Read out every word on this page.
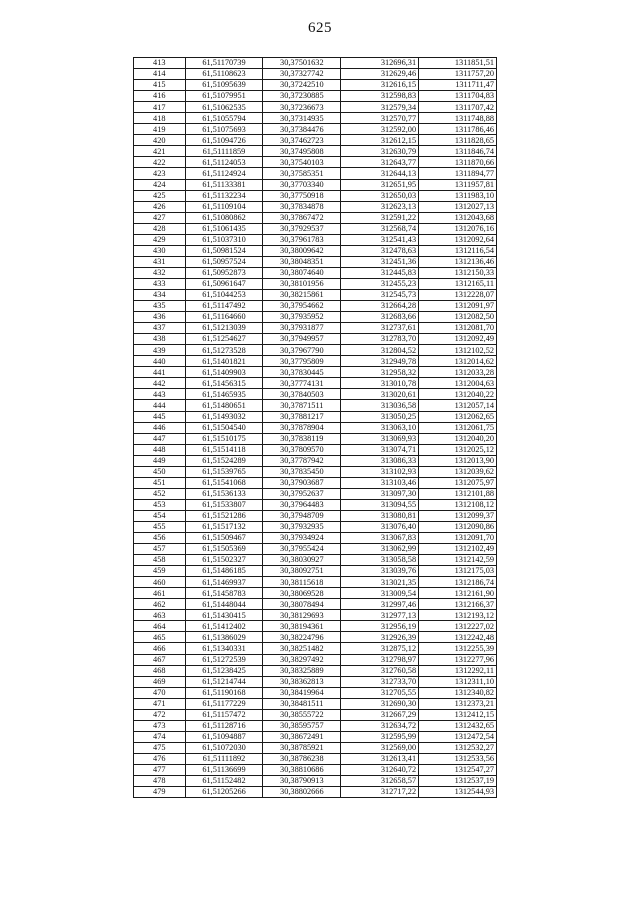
625
413	61,51170739	30,37501632	312696,31	1311851,51
414	61,51108623	30,37327742	312629,46	1311757,20
415	61,51095639	30,37242510	312616,15	1311711,47
416	61,51079951	30,37230885	312598,83	1311704,83
417	61,51062535	30,37236673	312579,34	1311707,42
418	61,51055794	30,37314935	312570,77	1311748,88
419	61,51075693	30,37384476	312592,00	1311786,46
420	61,51094726	30,37462723	312612,15	1311828,65
421	61,51111859	30,37495808	312630,79	1311846,74
422	61,51124053	30,37540103	312643,77	1311870,66
423	61,51124924	30,37585351	312644,13	1311894,77
424	61,51133381	30,37703340	312651,95	1311957,81
425	61,51132234	30,37750918	312650,03	1311983,10
426	61,51109104	30,37834878	312623,13	1312027,13
427	61,51080862	30,37867472	312591,22	1312043,68
428	61,51061435	30,37929537	312568,74	1312076,16
429	61,51037310	30,37961783	312541,43	1312092,64
430	61,50981524	30,38009642	312478,63	1312116,54
431	61,50957524	30,38048351	312451,36	1312136,46
432	61,50952873	30,38074640	312445,83	1312150,33
433	61,50961647	30,38101956	312455,23	1312165,11
434	61,51044253	30,38215861	312545,73	1312228,07
435	61,51147492	30,37954662	312664,28	1312091,97
436	61,51164660	30,37935952	312683,66	1312082,50
437	61,51213039	30,37931877	312737,61	1312081,70
438	61,51254627	30,37949957	312783,70	1312092,49
439	61,51273528	30,37967790	312804,52	1312102,52
440	61,51401821	30,37795809	312949,78	1312014,62
441	61,51409903	30,37830445	312958,32	1312033,28
442	61,51456315	30,37774131	313010,78	1312004,63
443	61,51465935	30,37840503	313020,61	1312040,22
444	61,51480651	30,37871511	313036,58	1312057,14
445	61,51493032	30,37881217	313050,25	1312062,65
446	61,51504540	30,37878904	313063,10	1312061,75
447	61,51510175	30,37838119	313069,93	1312040,20
448	61,51514118	30,37809570	313074,71	1312025,12
449	61,51524289	30,37787942	313086,33	1312013,90
450	61,51539765	30,37835450	313102,93	1312039,62
451	61,51541068	30,37903687	313103,46	1312075,97
452	61,51536133	30,37952637	313097,30	1312101,88
453	61,51533807	30,37964483	313094,55	1312108,12
454	61,51521286	30,37948709	313080,81	1312099,37
455	61,51517132	30,37932935	313076,40	1312090,86
456	61,51509467	30,37934924	313067,83	1312091,70
457	61,51505369	30,37955424	313062,99	1312102,49
458	61,51502327	30,38030927	313058,58	1312142,59
459	61,51486185	30,38092751	313039,76	1312175,03
460	61,51469937	30,38115618	313021,35	1312186,74
461	61,51458783	30,38069528	313009,54	1312161,90
462	61,51448044	30,38078494	312997,46	1312166,37
463	61,51430415	30,38129693	312977,13	1312193,12
464	61,51412402	30,38194361	312956,19	1312227,02
465	61,51386029	30,38224796	312926,39	1312242,48
466	61,51340331	30,38251482	312875,12	1312255,39
467	61,51272539	30,38297492	312798,97	1312277,96
468	61,51238425	30,38325889	312760,58	1312292,11
469	61,51214744	30,38362813	312733,70	1312311,10
470	61,51190168	30,38419964	312705,55	1312340,82
471	61,51177229	30,38481511	312690,30	1312373,21
472	61,51157472	30,38555722	312667,29	1312412,15
473	61,51128716	30,38595757	312634,72	1312432,65
474	61,51094887	30,38672491	312595,99	1312472,54
475	61,51072030	30,38785921	312569,00	1312532,27
476	61,51111892	30,38786238	312613,41	1312533,56
477	61,51136699	30,38810686	312640,72	1312547,27
478	61,51152482	30,38790913	312658,57	1312537,19
479	61,51205266	30,38802666	312717,22	1312544,93
